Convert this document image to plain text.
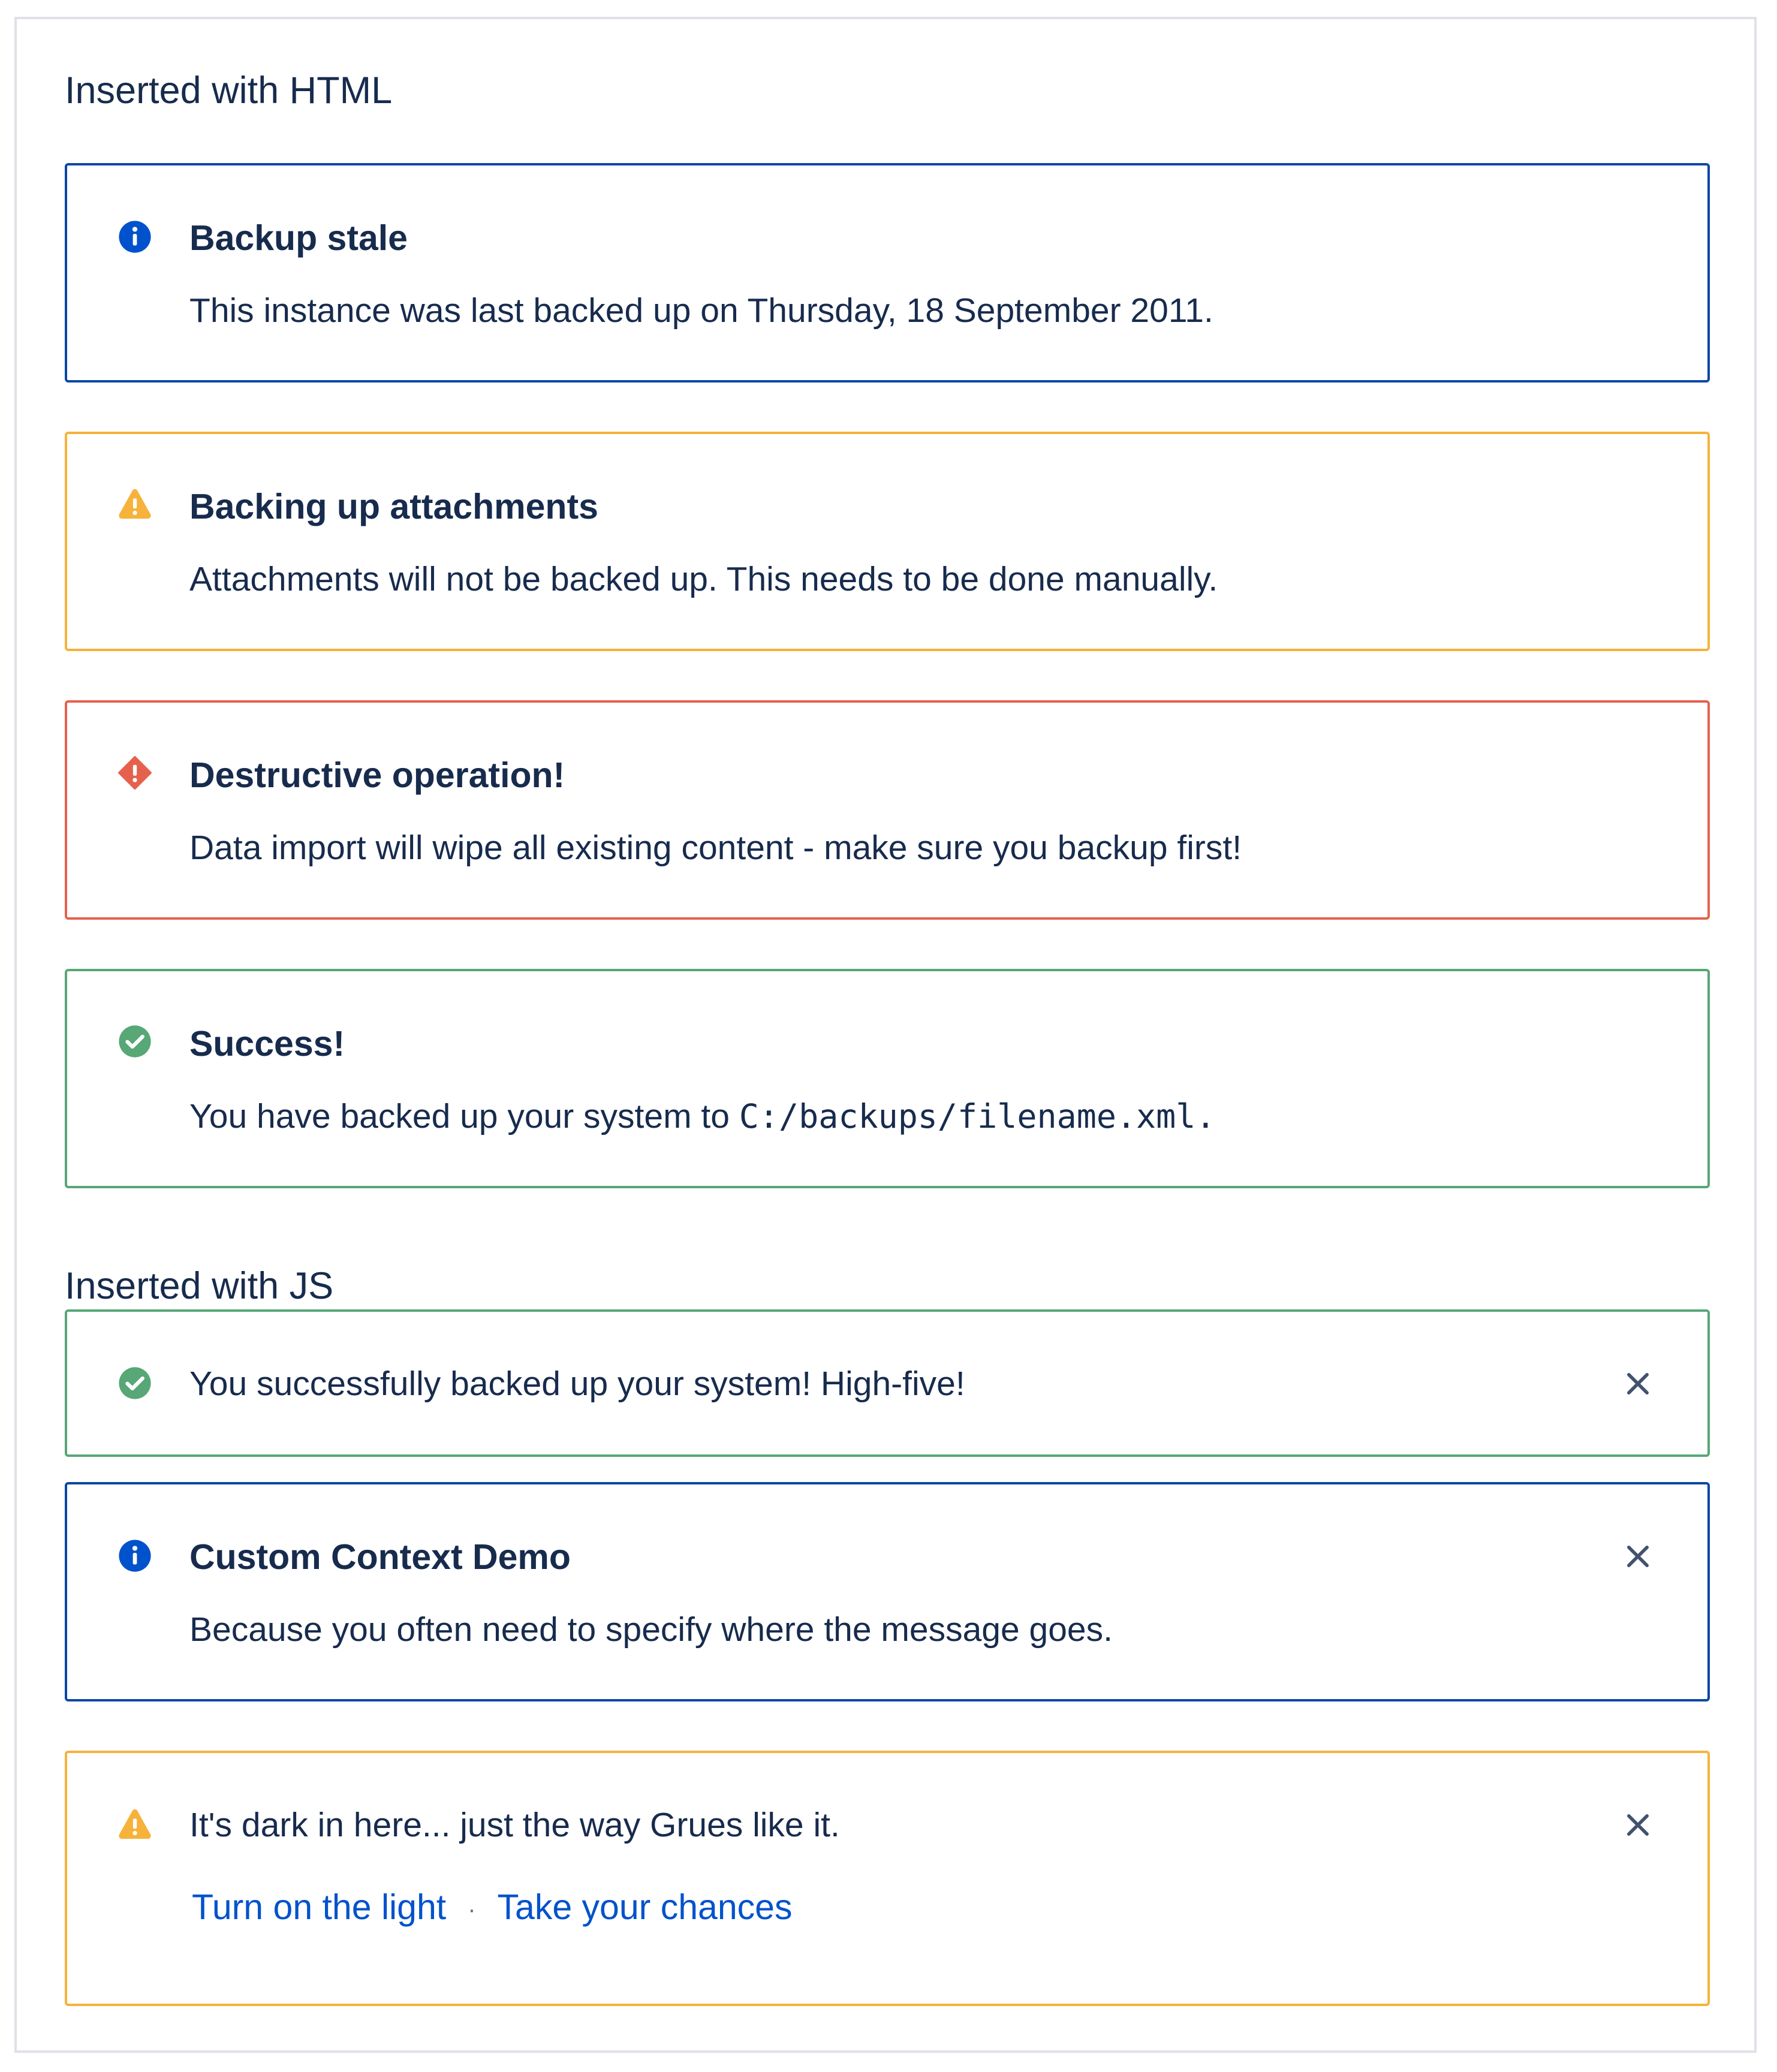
Inserted with HTML
Backup stale
This instance was last backed up on Thursday, 18 September 2011.
Backing up attachments
Attachments will not be backed up. This needs to be done manually.
Destructive operation!
Data import will wipe all existing content - make sure you backup first!
Success!
You have backed up your system to C:/backups/filename.xml.
Inserted with JS
You successfully backed up your system! High-five!
Custom Context Demo
Because you often need to specify where the message goes.
It's dark in here... just the way Grues like it.
Turn on the light · Take your chances
